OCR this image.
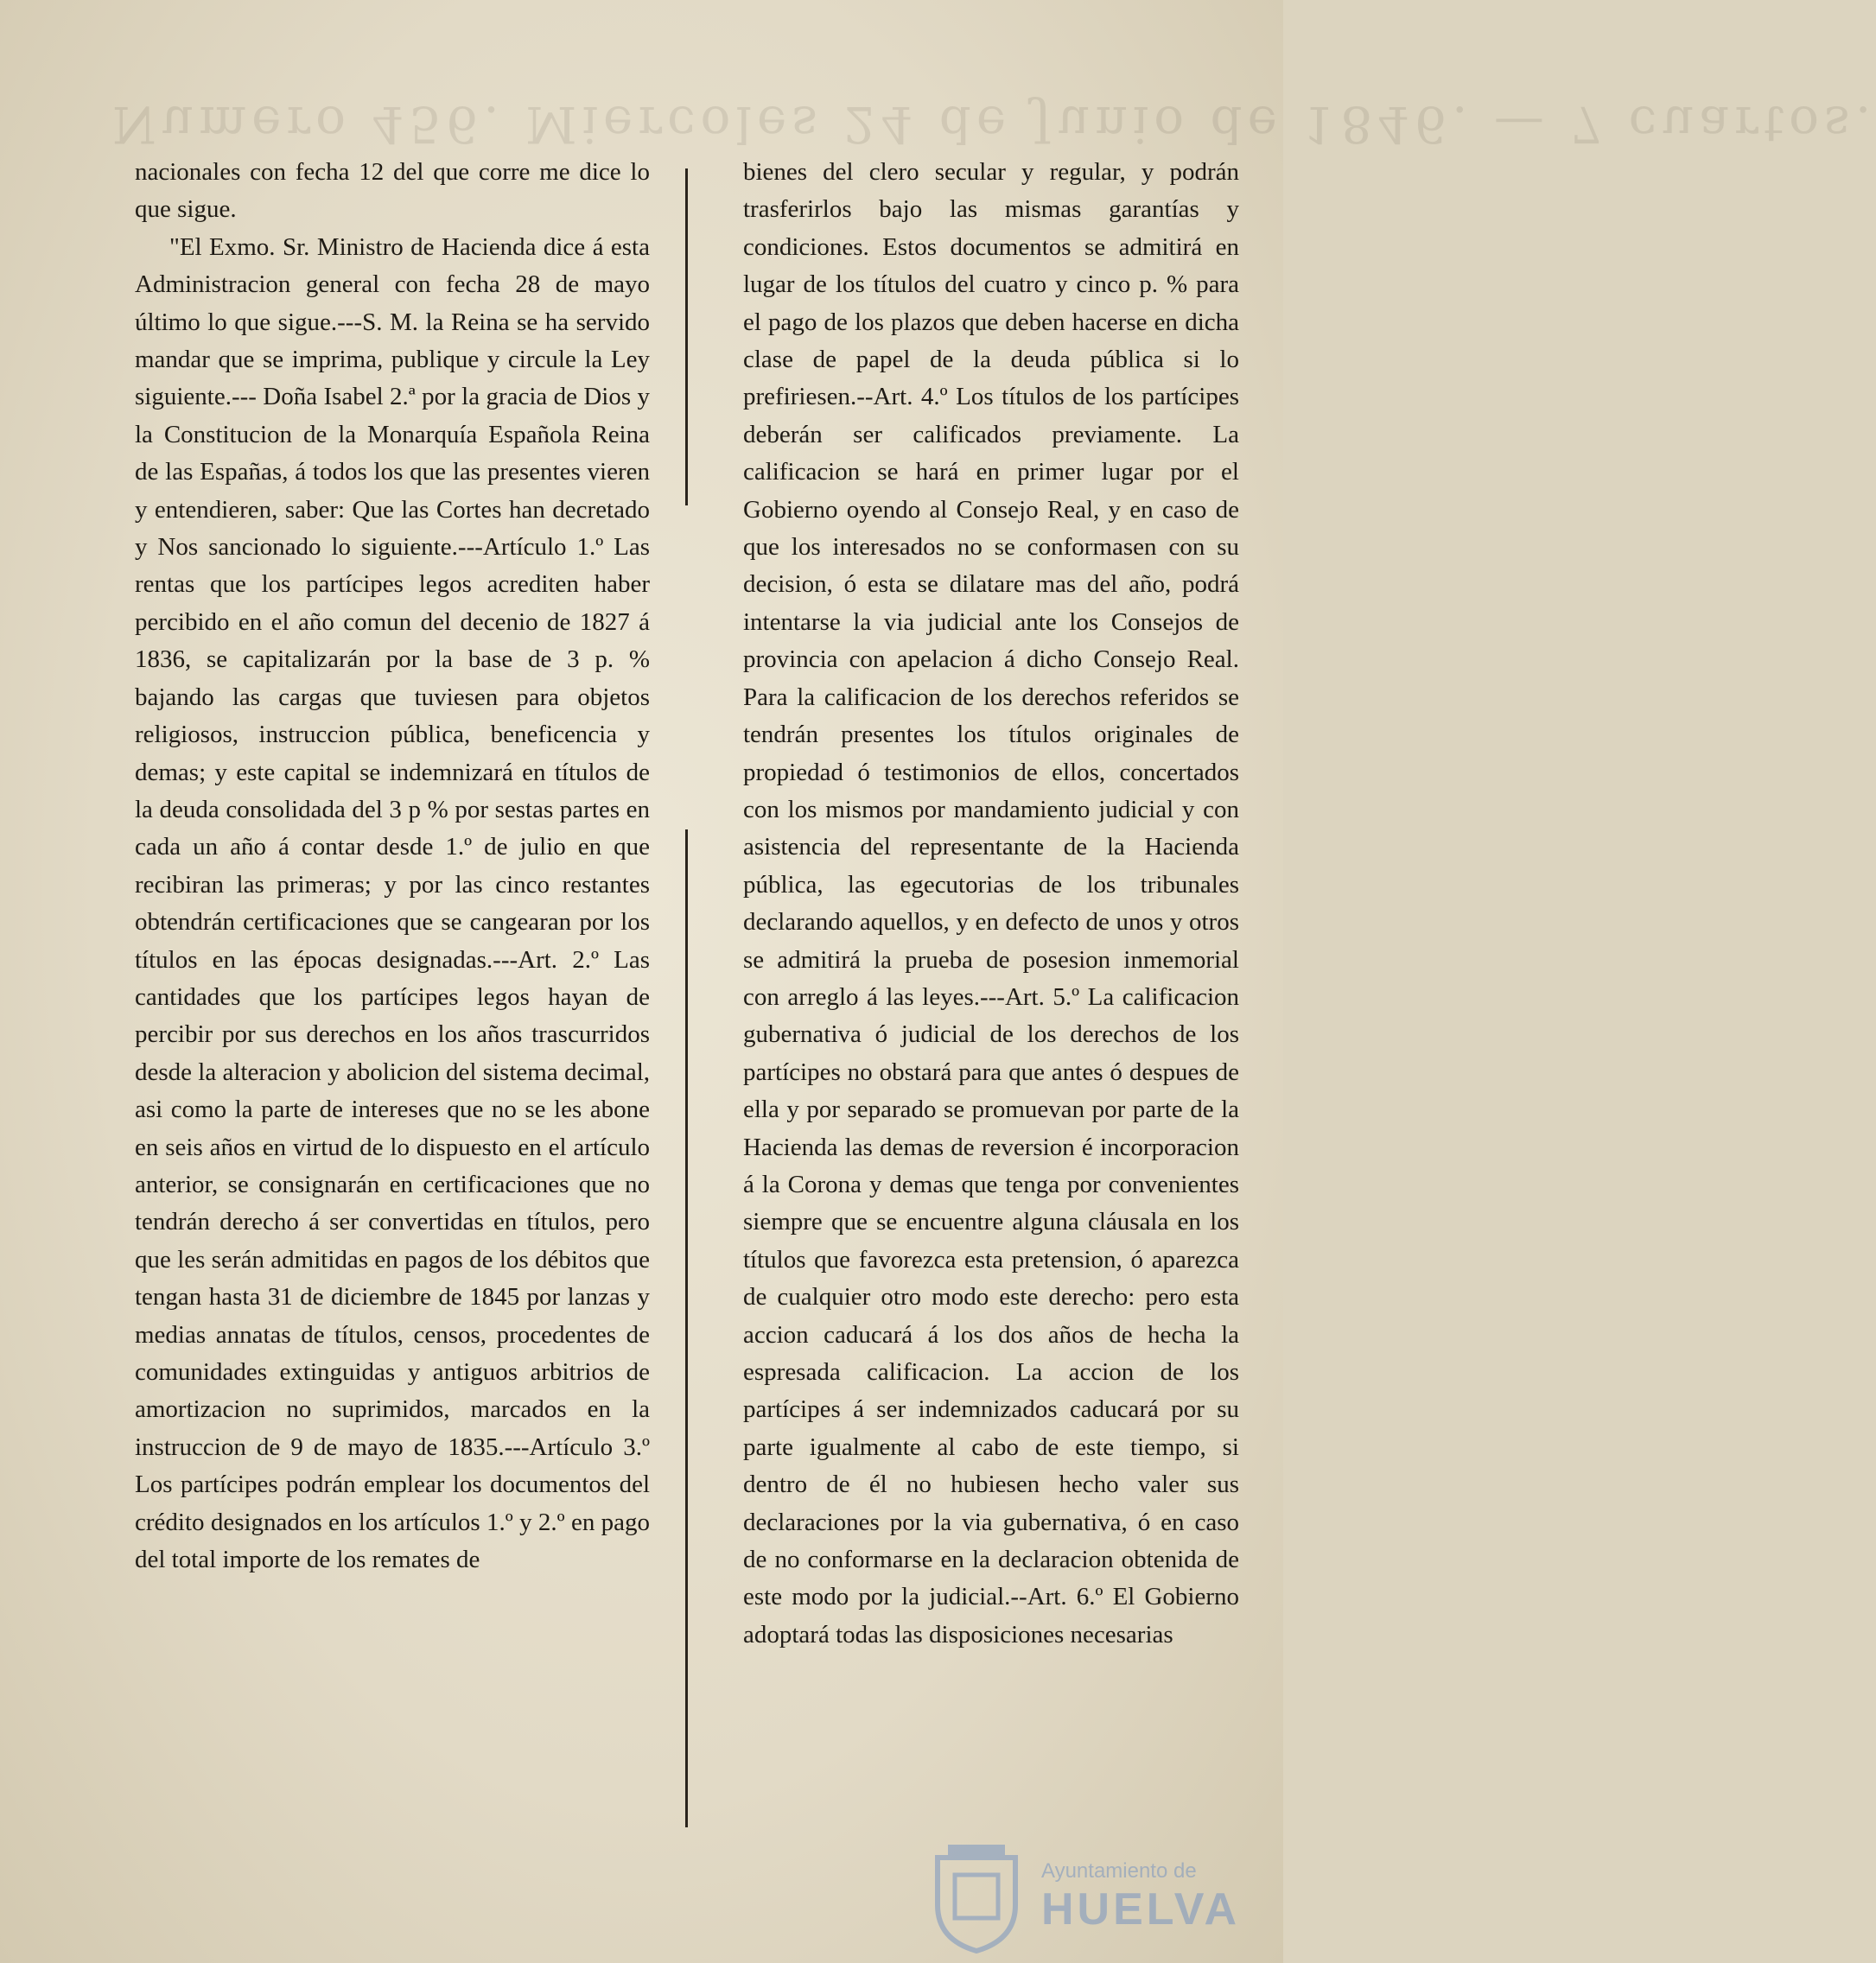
Numero 456. Miercoles 24 de Junio de 1846. — 7 cuartos.

nacionales con fecha 12 del que corre me dice lo que sigue.

"El Exmo. Sr. Ministro de Hacienda dice á esta Administracion general con fecha 28 de mayo último lo que sigue.---S. M. la Reina se ha servido mandar que se imprima, publique y circule la Ley siguiente.--- Doña Isabel 2.ª por la gracia de Dios y la Constitucion de la Monarquía Española Reina de las Españas, á todos los que las presentes vieren y entendieren, saber: Que las Cortes han decretado y Nos sancionado lo siguiente.---Artículo 1.º Las rentas que los partícipes legos acrediten haber percibido en el año comun del decenio de 1827 á 1836, se capitalizarán por la base de 3 p. % bajando las cargas que tuviesen para objetos religiosos, instruccion pública, beneficencia y demas; y este capital se indemnizará en títulos de la deuda consolidada del 3 p % por sestas partes en cada un año á contar desde 1.º de julio en que recibiran las primeras; y por las cinco restantes obtendrán certificaciones que se cangearan por los títulos en las épocas designadas.---Art. 2.º Las cantidades que los partícipes legos hayan de percibir por sus derechos en los años trascurridos desde la alteracion y abolicion del sistema decimal, asi como la parte de intereses que no se les abone en seis años en virtud de lo dispuesto en el artículo anterior, se consignarán en certificaciones que no tendrán derecho á ser convertidas en títulos, pero que les serán admitidas en pagos de los débitos que tengan hasta 31 de diciembre de 1845 por lanzas y medias annatas de títulos, censos, procedentes de comunidades extinguidas y antiguos arbitrios de amortizacion no suprimidos, marcados en la instruccion de 9 de mayo de 1835.---Artículo 3.º Los partícipes podrán emplear los documentos del crédito designados en los artículos 1.º y 2.º en pago del total importe de los remates de

bienes del clero secular y regular, y podrán trasferirlos bajo las mismas garantías y condiciones. Estos documentos se admitirá en lugar de los títulos del cuatro y cinco p. % para el pago de los plazos que deben hacerse en dicha clase de papel de la deuda pública si lo prefiriesen.--Art. 4.º Los títulos de los partícipes deberán ser calificados previamente. La calificacion se hará en primer lugar por el Gobierno oyendo al Consejo Real, y en caso de que los interesados no se conformasen con su decision, ó esta se dilatare mas del año, podrá intentarse la via judicial ante los Consejos de provincia con apelacion á dicho Consejo Real. Para la calificacion de los derechos referidos se tendrán presentes los títulos originales de propiedad ó testimonios de ellos, concertados con los mismos por mandamiento judicial y con asistencia del representante de la Hacienda pública, las egecutorias de los tribunales declarando aquellos, y en defecto de unos y otros se admitirá la prueba de posesion inmemorial con arreglo á las leyes.---Art. 5.º La calificacion gubernativa ó judicial de los derechos de los partícipes no obstará para que antes ó despues de ella y por separado se promuevan por parte de la Hacienda las demas de reversion é incorporacion á la Corona y demas que tenga por convenientes siempre que se encuentre alguna cláusala en los títulos que favorezca esta pretension, ó aparezca de cualquier otro modo este derecho: pero esta accion caducará á los dos años de hecha la espresada calificacion. La accion de los partícipes á ser indemnizados caducará por su parte igualmente al cabo de este tiempo, si dentro de él no hubiesen hecho valer sus declaraciones por la via gubernativa, ó en caso de no conformarse en la declaracion obtenida de este modo por la judicial.--Art. 6.º El Gobierno adoptará todas las disposiciones necesarias

Ayuntamiento de
HUELVA
